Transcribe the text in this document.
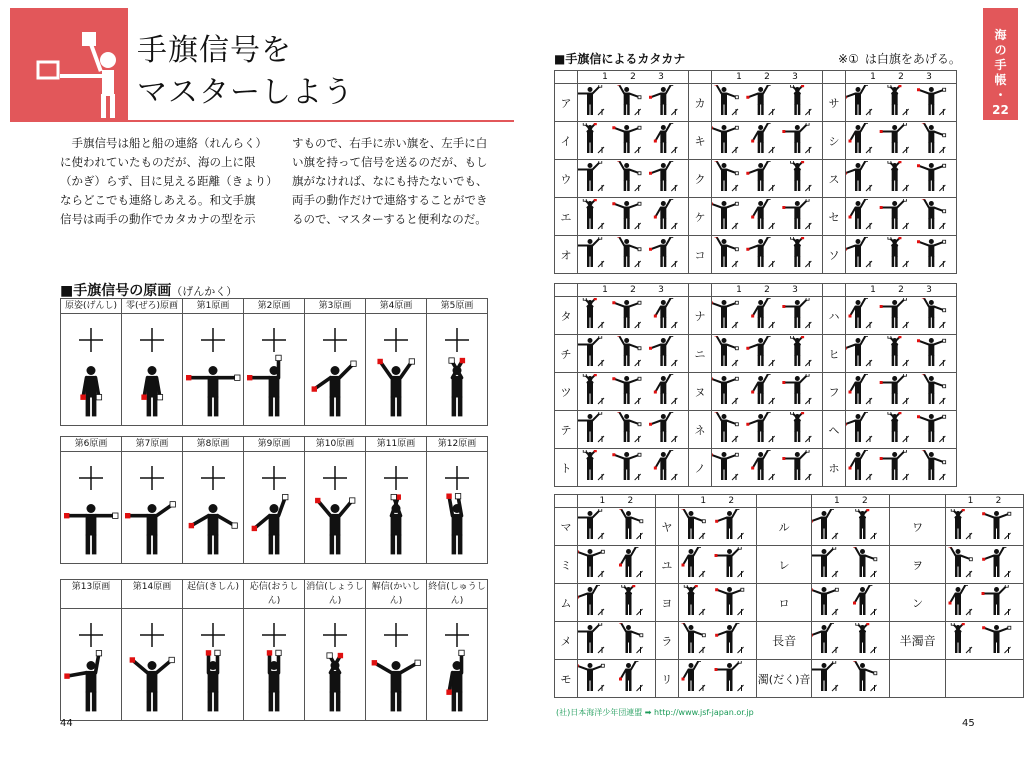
手旗信号を
マスターしよう
　手旗信号は船と船の連絡（れんらく）
に使われていたものだが、海の上に限
（かぎ）らず、目に見える距離（きょり）
ならどこでも連絡しあえる。和文手旗
信号は両手の動作でカタカナの型を示
すもので、右手に赤い旗を、左手に白
い旗を持って信号を送るのだが、もし
旗がなければ、なにも持たないでも、
両手の動作だけで連絡することができ
るので、マスターすると便利なのだ。
■手旗信号の原画（げんかく）
原姿(げんし)	零(ぜろ)原画	第1原画	第2原画	第3原画	第4原画	第5原画

第6原画	第7原画	第8原画	第9原画	第10原画	第11原画	第12原画

第13原画	第14原画	起信(きしん)	応信(おうしん)	消信(しょうしん)	解信(かいしん)	終信(しゅうしん)

44
海
の
手
帳
・
22
■手旗信によるカタカナ	※① は白旗をあげる。
	1 2 3		1 2 3		1 2 3
ア		カ		サ	

イ		キ		シ	

ウ		ク		ス	

エ		ケ		セ	

オ		コ		ソ	
	1 2 3		1 2 3		1 2 3
タ		ナ		ハ	

チ		ニ		ヒ	

ツ		ヌ		フ	

テ		ネ		ヘ	

ト		ノ		ホ	
	1 2		1 2		1 2		1 2
マ		ヤ		ル		ワ	

ミ		ユ		レ		ヲ	

ム		ヨ		ロ		ン	

メ		ラ		長音		半濁音	

モ		リ		濁(だく)音	

(社)日本海洋少年団連盟 ➡ http://www.jsf-japan.or.jp
45
